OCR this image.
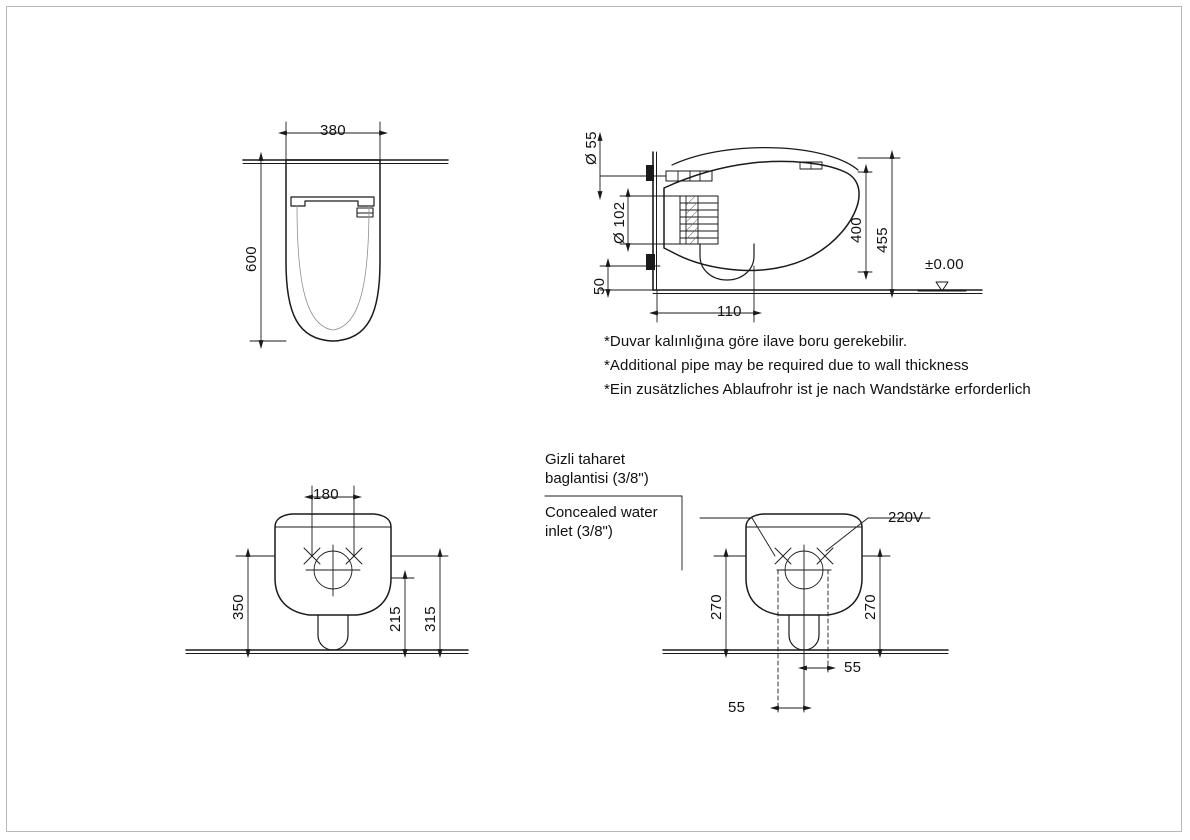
380
600
Ø 55
Ø 102
50
110
400 455
±0.00
*Duvar kalınlığına göre ilave boru gerekebilir.
*Additional pipe may be required due to wall thickness
*Ein zusätzliches Ablaufrohr ist je nach Wandstärke erforderlich
180
350	215 315
Gizli taharet
baglantisi (3/8")
Concealed water
inlet (3/8")
220V
270	270
55
55
